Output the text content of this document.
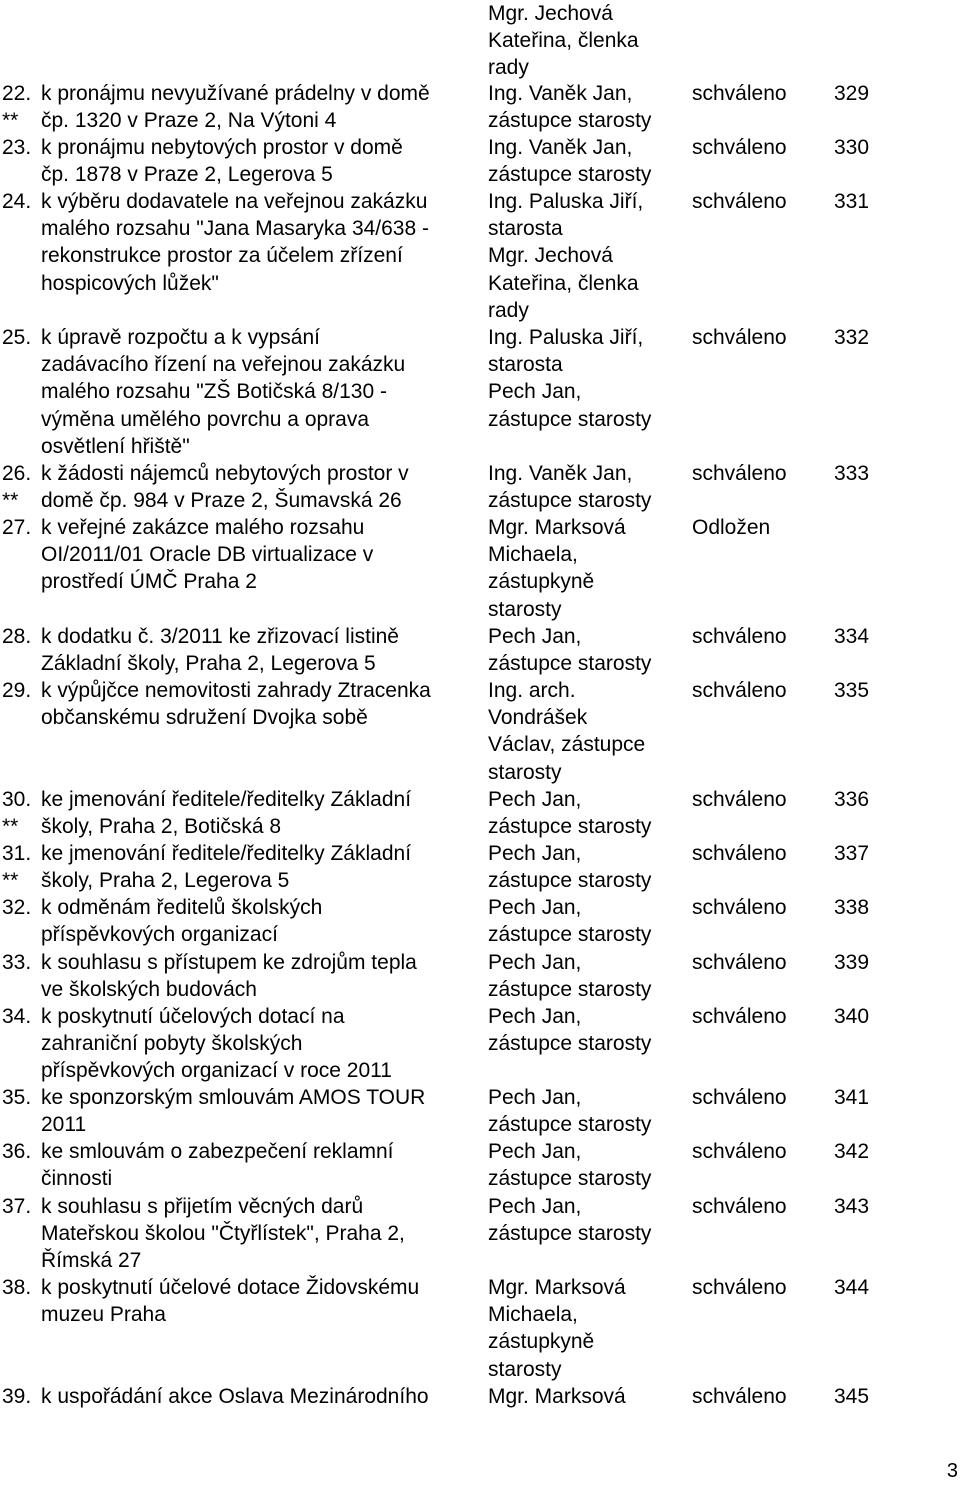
Mgr. Jechová
Kateřina, členka
rady
22.
**
k pronájmu nevyužívané prádelny v domě
čp. 1320 v Praze 2, Na Výtoni 4
Ing. Vaněk Jan,
zástupce starosty
schváleno 329
23. k pronájmu nebytových prostor v domě
čp. 1878 v Praze 2, Legerova 5
Ing. Vaněk Jan,
zástupce starosty
schváleno 330
24. k výběru dodavatele na veřejnou zakázku
malého rozsahu "Jana Masaryka 34/638 -
rekonstrukce prostor za účelem zřízení
hospicových lůžek"
Ing. Paluska Jiří,
starosta
Mgr. Jechová
Kateřina, členka
rady
schváleno 331
25. k úpravě rozpočtu a k vypsání
zadávacího řízení na veřejnou zakázku
malého rozsahu "ZŠ Botičská 8/130 -
výměna umělého povrchu a oprava
osvětlení hřiště"
Ing. Paluska Jiří,
starosta
Pech Jan,
zástupce starosty
schváleno 332
26.
**
k žádosti nájemců nebytových prostor v
domě čp. 984 v Praze 2, Šumavská 26
Ing. Vaněk Jan,
zástupce starosty
schváleno 333
27. k veřejné zakázce malého rozsahu
OI/2011/01 Oracle DB virtualizace v
prostředí ÚMČ Praha 2
Mgr. Marksová
Michaela,
zástupkyně
starosty
Odložen
28. k dodatku č. 3/2011 ke zřizovací listině
Základní školy, Praha 2, Legerova 5
Pech Jan,
zástupce starosty
schváleno 334
29. k výpůjčce nemovitosti zahrady Ztracenka
občanskému sdružení Dvojka sobě
Ing. arch.
Vondrášek
Václav, zástupce
starosty
schváleno 335
30.
**
ke jmenování ředitele/ředitelky Základní
školy, Praha 2, Botičská 8
Pech Jan,
zástupce starosty
schváleno 336
31.
**
ke jmenování ředitele/ředitelky Základní
školy, Praha 2, Legerova 5
Pech Jan,
zástupce starosty
schváleno 337
32. k odměnám ředitelů školských
příspěvkových organizací
Pech Jan,
zástupce starosty
schváleno 338
33. k souhlasu s přístupem ke zdrojům tepla
ve školských budovách
Pech Jan,
zástupce starosty
schváleno 339
34. k poskytnutí účelových dotací na
zahraniční pobyty školských
příspěvkových organizací v roce 2011
Pech Jan,
zástupce starosty
schváleno 340
35. ke sponzorským smlouvám AMOS TOUR
2011
Pech Jan,
zástupce starosty
schváleno 341
36. ke smlouvám o zabezpečení reklamní
činnosti
Pech Jan,
zástupce starosty
schváleno 342
37. k souhlasu s přijetím věcných darů
Mateřskou školou "Čtyřlístek", Praha 2,
Římská 27
Pech Jan,
zástupce starosty
schváleno 343
38. k poskytnutí účelové dotace Židovskému
muzeu Praha
Mgr. Marksová
Michaela,
zástupkyně
starosty
schváleno 344
39. k uspořádání akce Oslava Mezinárodního	Mgr. Marksová	schváleno 345
3
